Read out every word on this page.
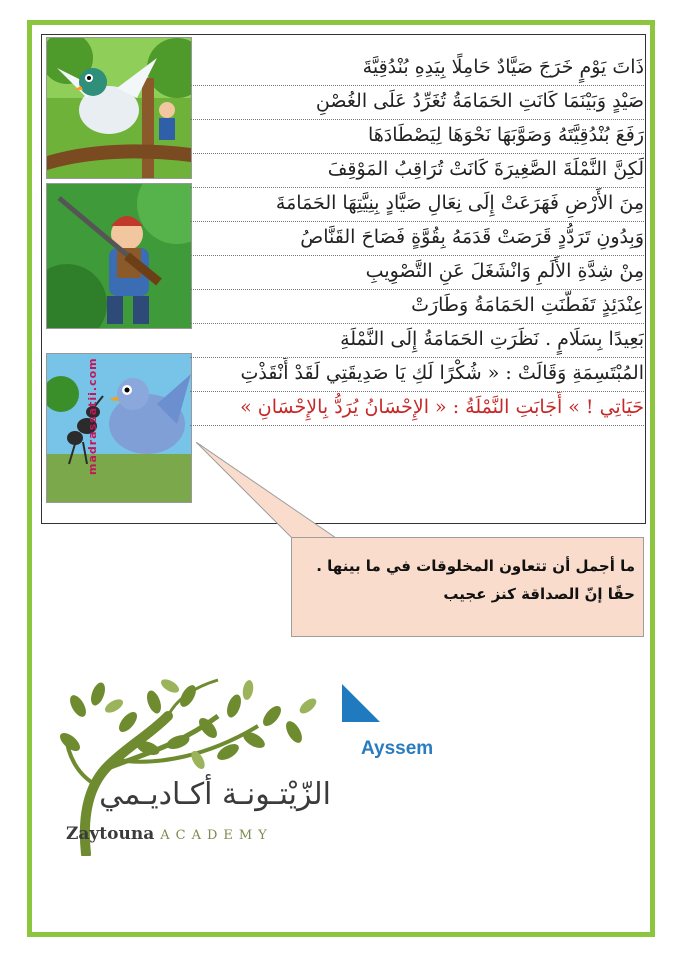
madrassatii.com
ذَاتَ يَوْمٍ خَرَجَ صَيَّادٌ حَامِلًا بِيَدِهِ بُنْدُقِيَّةَ
صَيْدٍ وَبَيْنَمَا كَانَتِ الحَمَامَةُ تُغَرِّدُ عَلَى الغُصْنِ
رَفَعَ بُنْدُقِيَّتَهُ وَصَوَّبَهَا نَحْوَهَا لِيَصْطَادَهَا
لَكِنَّ النَّمْلَةَ الصَّغِيرَةَ كَانَتْ تُرَاقِبُ المَوْقِفَ
مِنَ الأَرْضِ فَهَرَعَتْ إِلَى نِعَالِ صَيَّادٍ بِنِيَّتِهَا الحَمَامَةَ
وَبِدُونِ تَرَدُّدٍ قَرَصَتْ قَدَمَهُ بِقُوَّةٍ فَصَاحَ القَنَّاصُ
مِنْ شِدَّةِ الأَلَمِ وَانْشَغَلَ عَنِ التَّصْوِيبِ
عِنْدَئِذٍ تَفَطَّنَتِ الحَمَامَةُ وَطَارَتْ
بَعِيدًا بِسَلَامٍ . نَظَرَتِ الحَمَامَةُ إِلَى النَّمْلَةِ
المُبْتَسِمَةِ وَقَالَتْ : « شُكْرًا لَكِ يَا صَدِيقَتِي لَقَدْ أَنْقَذْتِ
حَيَاتِي ! » أَجَابَتِ النَّمْلَةُ : « الإِحْسَانُ يُرَدُّ بِالإِحْسَانِ »
ما أجمل أن تتعاون المخلوقات في ما بينها .
حقًا إنّ الصداقة كنز عجيب
الزّيْتـونـة أكـاديـمي
Zaytouna ACADEMY
Ayssem
